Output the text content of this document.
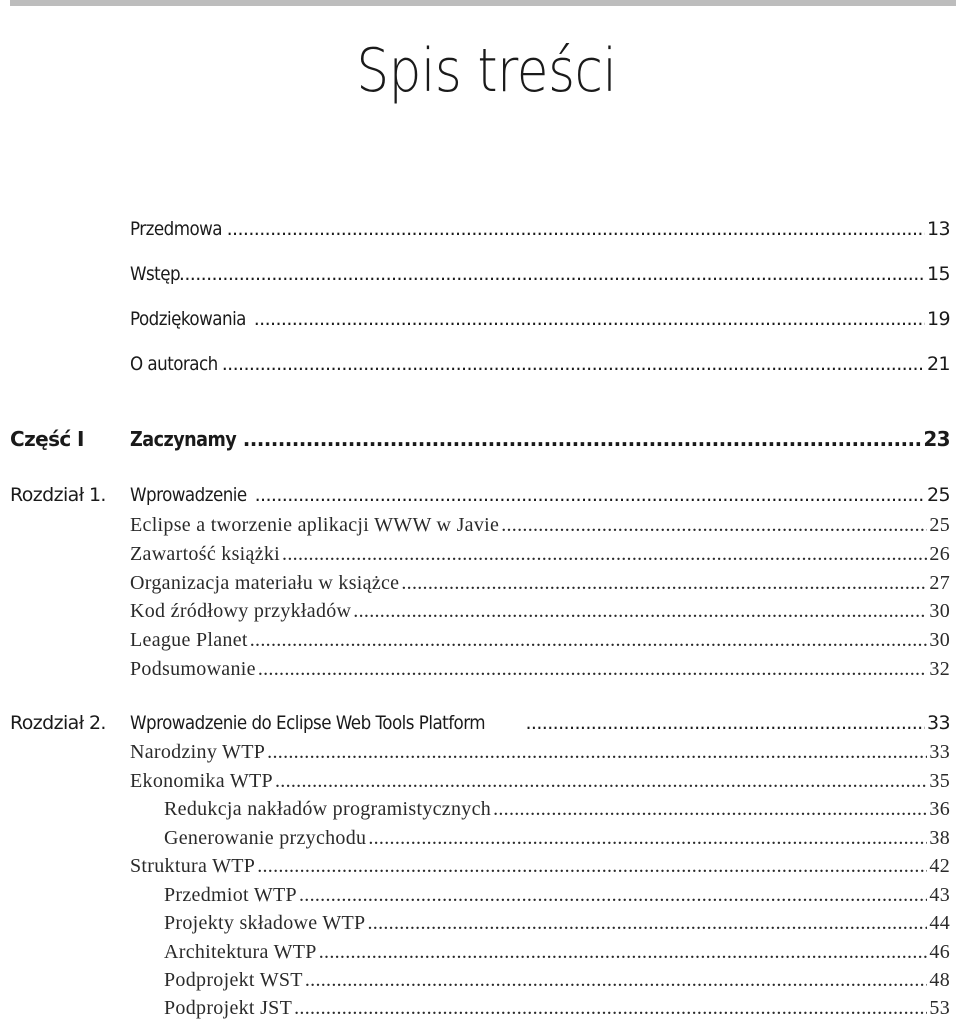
Spis treści
Przedmowa .....	13
Wstęp .....	15
Podziękowania .....	19
O autorach .....	21
Część I Zaczynamy .....	23
Rozdział 1. Wprowadzenie .....	25
Eclipse a tworzenie aplikacji WWW w Javie .....	25
Zawartość książki .....	26
Organizacja materiału w książce .....	27
Kod źródłowy przykładów .....	30
League Planet .....	30
Podsumowanie .....	32
Rozdział 2. Wprowadzenie do Eclipse Web Tools Platform .....	33
Narodziny WTP .....	33
Ekonomika WTP .....	35
Redukcja nakładów programistycznych .....	36
Generowanie przychodu .....	38
Struktura WTP .....	42
Przedmiot WTP .....	43
Projekty składowe WTP .....	44
Architektura WTP .....	46
Podprojekt WST .....	48
Podprojekt JST .....	53
